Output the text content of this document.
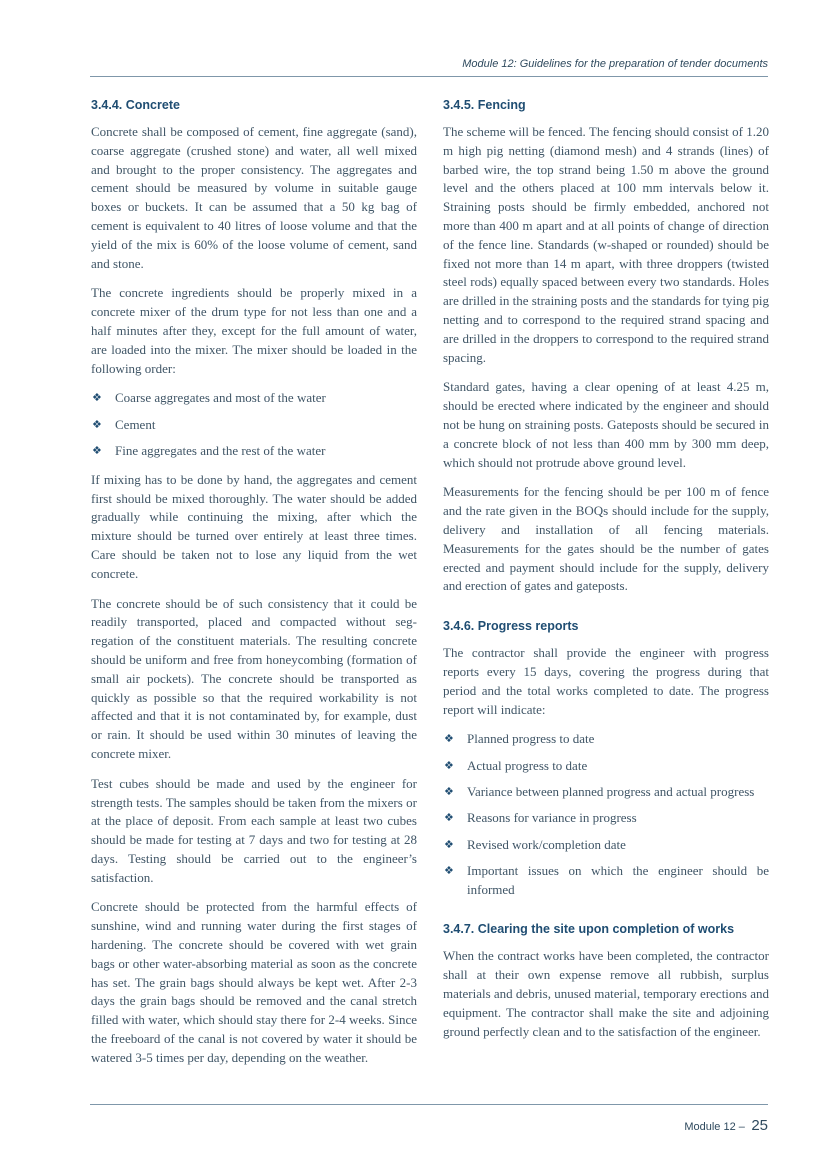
Module 12: Guidelines for the preparation of tender documents
3.4.4. Concrete

Concrete shall be composed of cement, fine aggregate (sand), coarse aggregate (crushed stone) and water, all well mixed and brought to the proper consistency. The aggregates and cement should be measured by volume in suitable gauge boxes or buckets. It can be assumed that a 50 kg bag of cement is equivalent to 40 litres of loose volume and that the yield of the mix is 60% of the loose volume of cement, sand and stone.

The concrete ingredients should be properly mixed in a concrete mixer of the drum type for not less than one and a half minutes after they, except for the full amount of water, are loaded into the mixer. The mixer should be loaded in the following order:

❖ Coarse aggregates and most of the water
❖ Cement
❖ Fine aggregates and the rest of the water

If mixing has to be done by hand, the aggregates and cement first should be mixed thoroughly. The water should be added gradually while continuing the mixing, after which the mixture should be turned over entirely at least three times. Care should be taken not to lose any liquid from the wet concrete.

The concrete should be of such consistency that it could be readily transported, placed and compacted without seg-regation of the constituent materials. The resulting concrete should be uniform and free from honeycombing (formation of small air pockets). The concrete should be transported as quickly as possible so that the required workability is not affected and that it is not contaminated by, for example, dust or rain. It should be used within 30 minutes of leaving the concrete mixer.

Test cubes should be made and used by the engineer for strength tests. The samples should be taken from the mixers or at the place of deposit. From each sample at least two cubes should be made for testing at 7 days and two for testing at 28 days. Testing should be carried out to the engineer’s satisfaction.

Concrete should be protected from the harmful effects of sunshine, wind and running water during the first stages of hardening. The concrete should be covered with wet grain bags or other water-absorbing material as soon as the concrete has set. The grain bags should always be kept wet. After 2-3 days the grain bags should be removed and the canal stretch filled with water, which should stay there for 2-4 weeks. Since the freeboard of the canal is not covered by water it should be watered 3-5 times per day, depending on the weather.

3.4.5. Fencing

The scheme will be fenced. The fencing should consist of 1.20 m high pig netting (diamond mesh) and 4 strands (lines) of barbed wire, the top strand being 1.50 m above the ground level and the others placed at 100 mm intervals below it. Straining posts should be firmly embedded, anchored not more than 400 m apart and at all points of change of direction of the fence line. Standards (w-shaped or rounded) should be fixed not more than 14 m apart, with three droppers (twisted steel rods) equally spaced between every two standards. Holes are drilled in the straining posts and the standards for tying pig netting and to correspond to the required strand spacing and are drilled in the droppers to correspond to the required strand spacing.

Standard gates, having a clear opening of at least 4.25 m, should be erected where indicated by the engineer and should not be hung on straining posts. Gateposts should be secured in a concrete block of not less than 400 mm by 300 mm deep, which should not protrude above ground level.

Measurements for the fencing should be per 100 m of fence and the rate given in the BOQs should include for the supply, delivery and installation of all fencing materials. Measurements for the gates should be the number of gates erected and payment should include for the supply, delivery and erection of gates and gateposts.

3.4.6. Progress reports

The contractor shall provide the engineer with progress reports every 15 days, covering the progress during that period and the total works completed to date. The progress report will indicate:

❖ Planned progress to date
❖ Actual progress to date
❖ Variance between planned progress and actual progress
❖ Reasons for variance in progress
❖ Revised work/completion date
❖ Important issues on which the engineer should be informed
3.4.7. Clearing the site upon completion of works

When the contract works have been completed, the contractor shall at their own expense remove all rubbish, surplus materials and debris, unused material, temporary erections and equipment. The contractor shall make the site and adjoining ground perfectly clean and to the satisfaction of the engineer.

Module 12 – 25
